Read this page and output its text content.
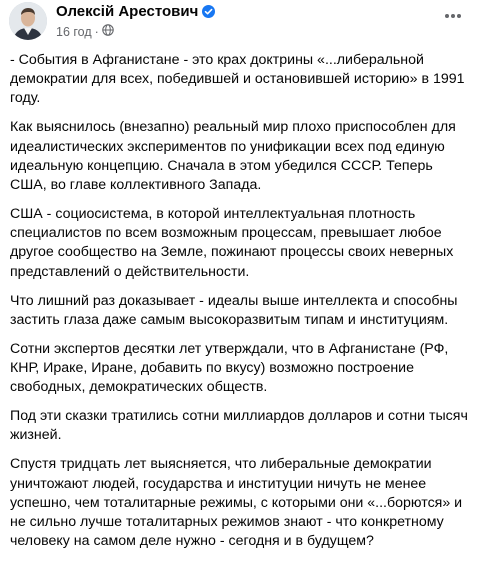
Олексій Арестович
16 год ·

- События в Афганистане - это крах доктрины «...либеральной демократии для всех, победившей и остановившей историю» в 1991 году.

Как выяснилось (внезапно) реальный мир плохо приспособлен для идеалистических экспериментов по унификации всех под единую идеальную концепцию. Сначала в этом убедился СССР. Теперь США, во главе коллективного Запада.

США - социосистема, в которой интеллектуальная плотность специалистов по всем возможным процессам, превышает любое другое сообщество на Земле, пожинают процессы своих неверных представлений о действительности.

Что лишний раз доказывает - идеалы выше интеллекта и способны застить глаза даже самым высокоразвитым типам и институциям.

Сотни экспертов десятки лет утверждали, что в Афганистане (РФ, КНР, Ираке, Иране, добавить по вкусу) возможно построение свободных, демократических обществ.

Под эти сказки тратились сотни миллиардов долларов и сотни тысяч жизней.

Спустя тридцать лет выясняется, что либеральные демократии уничтожают людей, государства и институции ничуть не менее успешно, чем тоталитарные режимы, с которыми они «...борются» и не сильно лучше тоталитарных режимов знают - что конкретному человеку на самом деле нужно - сегодня и в будущем?
